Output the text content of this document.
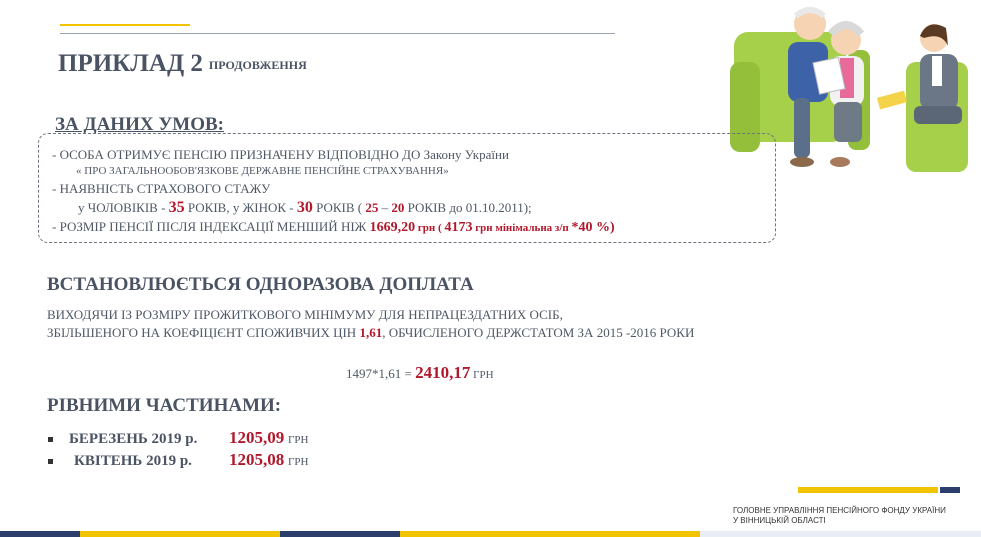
ПРИКЛАД 2 ПРОДОВЖЕННЯ
ЗА ДАНИХ УМОВ:
- ОСОБА ОТРИМУЄ ПЕНСІЮ ПРИЗНАЧЕНУ ВІДПОВІДНО ДО Закону України
« ПРО ЗАГАЛЬНООБОВ'ЯЗКОВЕ ДЕРЖАВНЕ ПЕНСІЙНЕ СТРАХУВАННЯ»
- НАЯВНІСТЬ СТРАХОВОГО СТАЖУ
у ЧОЛОВІКІВ - 35 РОКІВ, у ЖІНОК - 30 РОКІВ ( 25 – 20 РОКІВ до 01.10.2011);
- РОЗМІР ПЕНСІЇ ПІСЛЯ ІНДЕКСАЦІЇ МЕНШИЙ НІЖ 1669,20 грн ( 4173 грн мінімальна з/п *40 %)
ВСТАНОВЛЮЄТЬСЯ ОДНОРАЗОВА ДОПЛАТА
ВИХОДЯЧИ ІЗ РОЗМІРУ ПРОЖИТКОВОГО МІНІМУМУ ДЛЯ НЕПРАЦЕЗДАТНИХ ОСІБ,
ЗБІЛЬШЕНОГО НА КОЕФІЦІЄНТ СПОЖИВЧИХ ЦІН 1,61, ОБЧИСЛЕНОГО ДЕРЖСТАТОМ ЗА 2015 -2016 РОКИ
1497*1,61 = 2410,17 ГРН
РІВНИМИ ЧАСТИНАМИ:
БЕРЕЗЕНЬ 2019 р. 1205,09 ГРН
КВІТЕНЬ 2019 р. 1205,08 ГРН
ГОЛОВНЕ УПРАВЛІННЯ ПЕНСІЙНОГО ФОНДУ УКРАЇНИ
У ВІННИЦЬКІЙ ОБЛАСТІ
